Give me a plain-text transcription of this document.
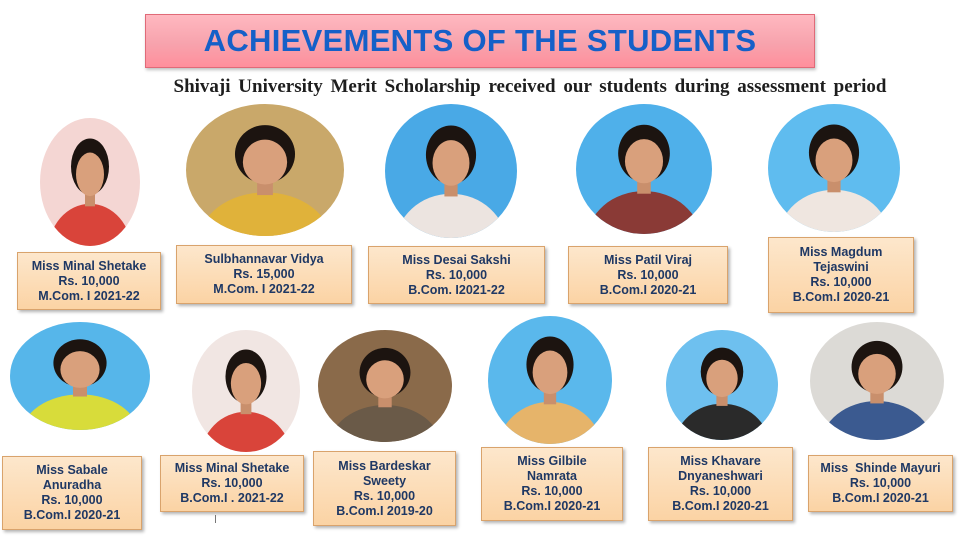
ACHIEVEMENTS OF THE STUDENTS
Shivaji University Merit Scholarship received our students during assessment period
Miss Minal Shetake
Rs. 10,000
M.Com. I 2021-22
Sulbhannavar Vidya
Rs. 15,000
M.Com. I 2021-22
Miss Desai Sakshi
Rs. 10,000
B.Com. I2021-22
Miss Patil Viraj
Rs. 10,000
B.Com.I 2020-21
Miss Magdum Tejaswini
Rs. 10,000
B.Com.I 2020-21
Miss Sabale Anuradha
Rs. 10,000
B.Com.I 2020-21
Miss Minal Shetake
Rs. 10,000
B.Com.I . 2021-22
Miss Bardeskar Sweety
Rs. 10,000
B.Com.I 2019-20
Miss Gilbile Namrata
Rs. 10,000
B.Com.I 2020-21
Miss Khavare Dnyaneshwari
Rs. 10,000
B.Com.I 2020-21
Miss  Shinde Mayuri
Rs. 10,000
B.Com.I 2020-21
